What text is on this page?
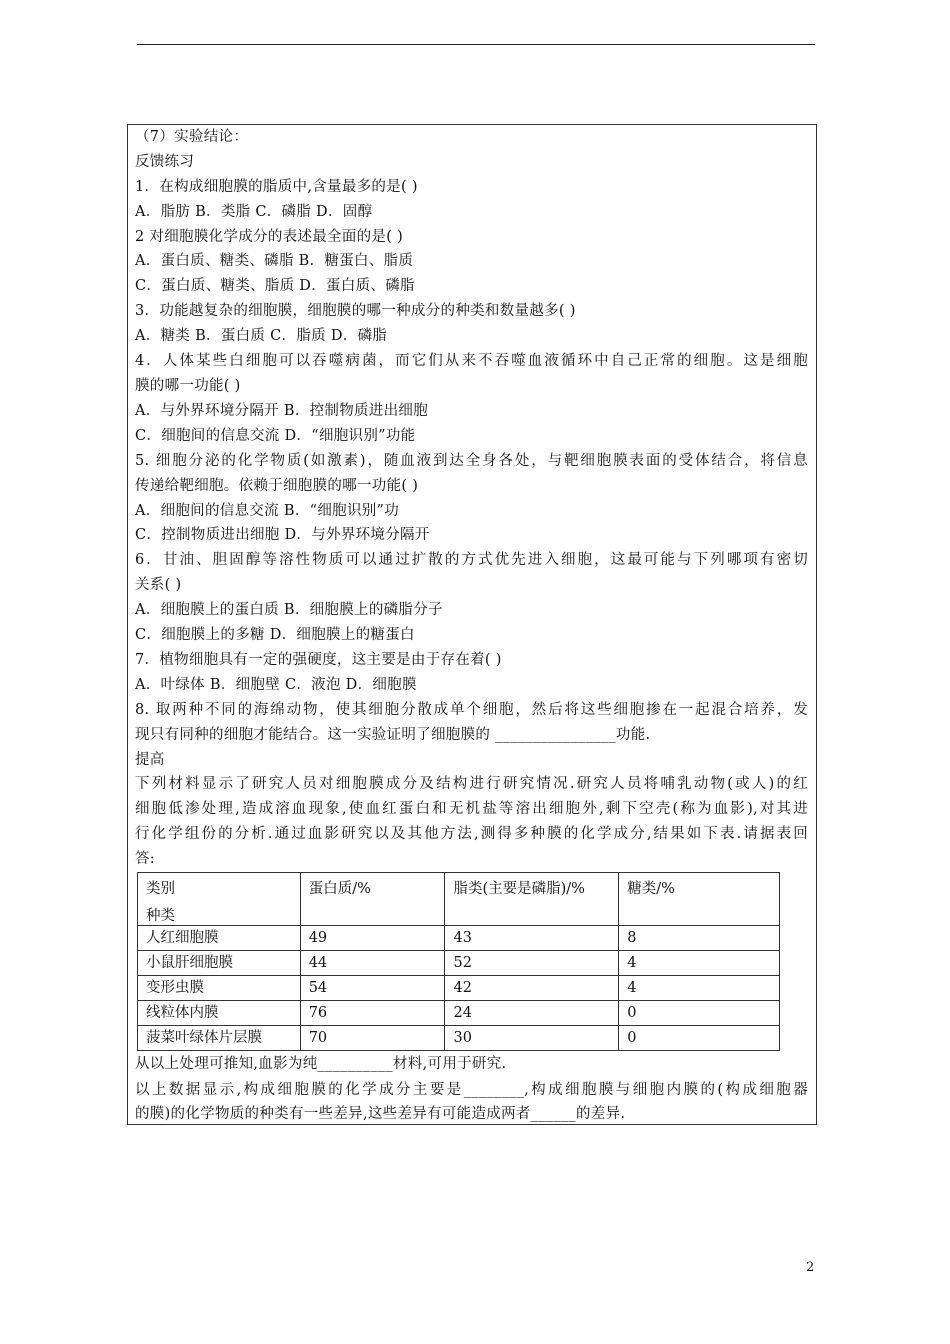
（7）实验结论：
反馈练习
1．在构成细胞膜的脂质中,含量最多的是( )
A．脂肪 B．类脂 C．磷脂 D．固醇
2 对细胞膜化学成分的表述最全面的是( )
A．蛋白质、糖类、磷脂 B．糖蛋白、脂质
C．蛋白质、糖类、脂质 D．蛋白质、磷脂
3．功能越复杂的细胞膜，细胞膜的哪一种成分的种类和数量越多( )
A．糖类 B．蛋白质 C．脂质 D．磷脂
4．人体某些白细胞可以吞噬病菌，而它们从来不吞噬血液循环中自己正常的细胞。这是细胞
膜的哪一功能( )
A．与外界环境分隔开 B．控制物质进出细胞
C．细胞间的信息交流 D．“细胞识别”功能
5. 细胞分泌的化学物质(如激素)，随血液到达全身各处，与靶细胞膜表面的受体结合，将信息
传递给靶细胞。依赖于细胞膜的哪一功能( )
A．细胞间的信息交流 B．“细胞识别”功
C．控制物质进出细胞 D．与外界环境分隔开
6．甘油、胆固醇等溶性物质可以通过扩散的方式优先进入细胞，这最可能与下列哪项有密切
关系( )
A．细胞膜上的蛋白质 B．细胞膜上的磷脂分子
C．细胞膜上的多糖 D．细胞膜上的糖蛋白
7．植物细胞具有一定的强硬度，这主要是由于存在着( )
A．叶绿体 B．细胞壁 C．液泡 D．细胞膜
8. 取两种不同的海绵动物，使其细胞分散成单个细胞，然后将这些细胞掺在一起混合培养，发
现只有同种的细胞才能结合。这一实验证明了细胞膜的 ________________功能.
提高
下列材料显示了研究人员对细胞膜成分及结构进行研究情况.研究人员将哺乳动物(或人)的红
细胞低渗处理,造成溶血现象,使血红蛋白和无机盐等溶出细胞外,剩下空壳(称为血影),对其进
行化学组份的分析.通过血影研究以及其他方法,测得多种膜的化学成分,结果如下表.请据表回
答:
类别
种类	蛋白质/%	脂类(主要是磷脂)/%	糖类/%
人红细胞膜	49	43	8
小鼠肝细胞膜	44	52	4
变形虫膜	54	42	4
线粒体内膜	76	24	0
菠菜叶绿体片层膜	70	30	0
从以上处理可推知,血影为纯__________材料,可用于研究.
以上数据显示,构成细胞膜的化学成分主要是________,构成细胞膜与细胞内膜的(构成细胞器
的膜)的化学物质的种类有一些差异,这些差异有可能造成两者______的差异.
2
